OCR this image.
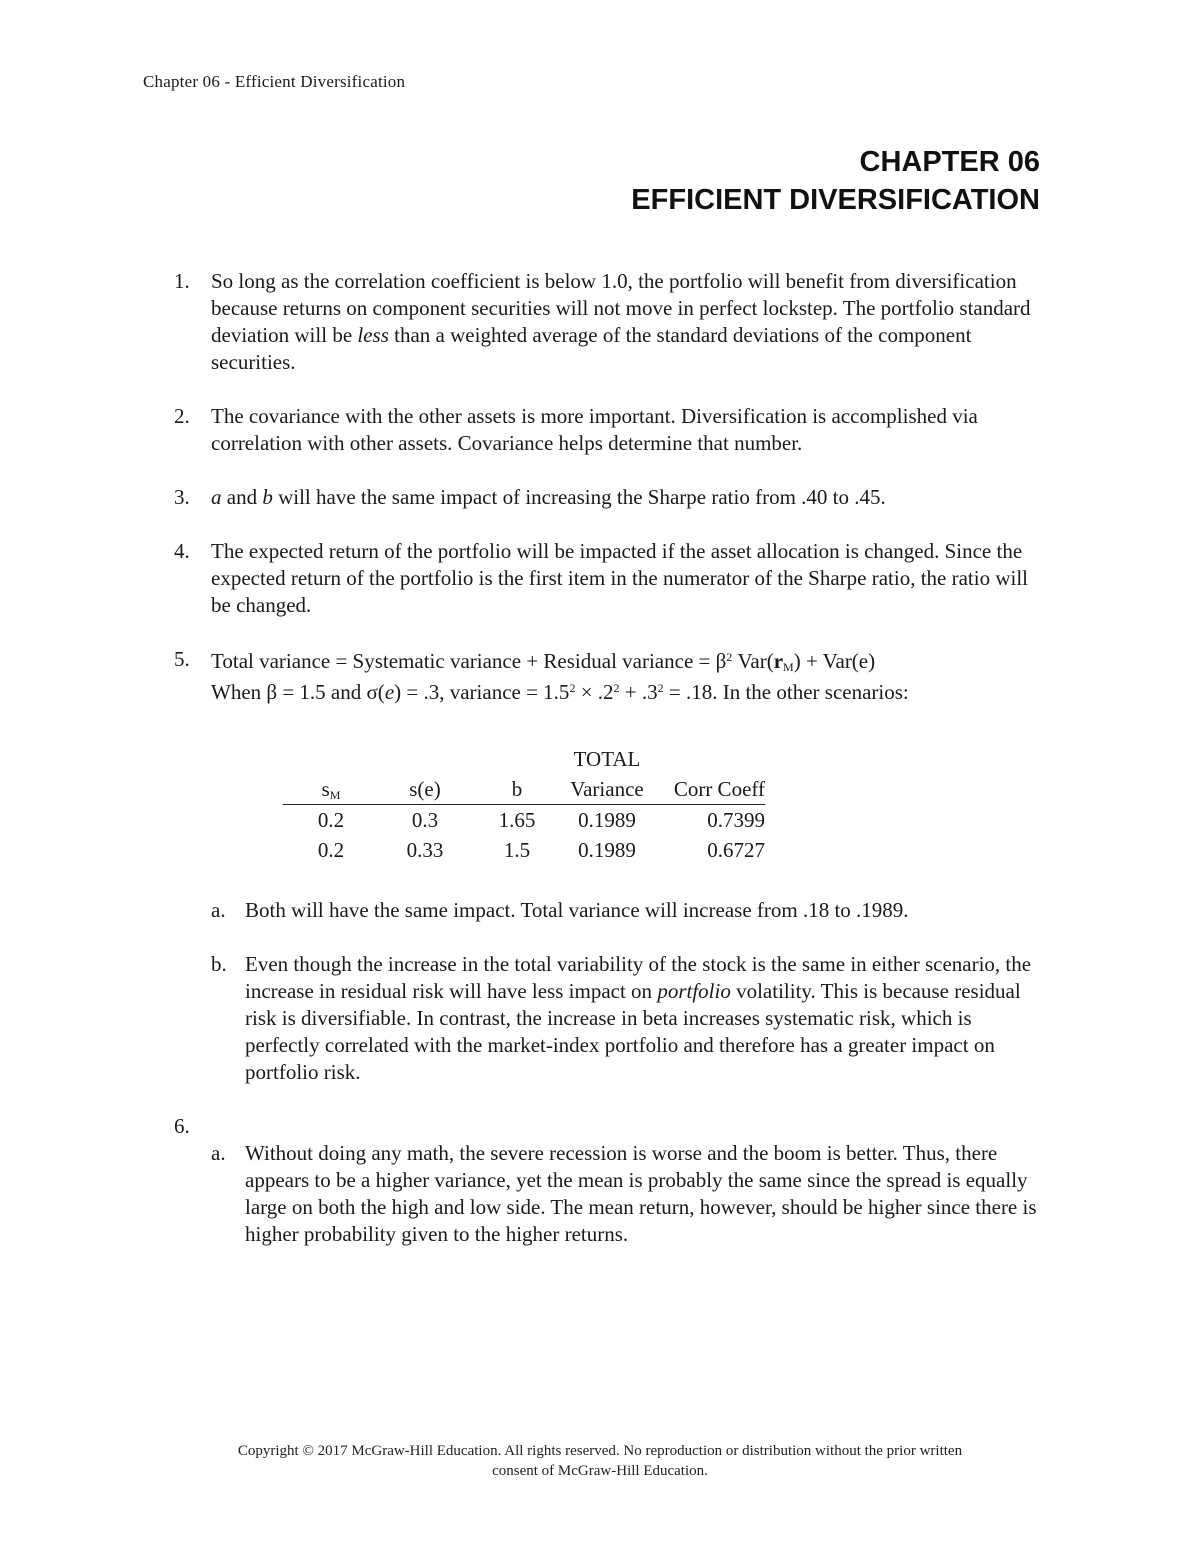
Chapter 06 - Efficient Diversification
CHAPTER 06
EFFICIENT DIVERSIFICATION
1. So long as the correlation coefficient is below 1.0, the portfolio will benefit from diversification because returns on component securities will not move in perfect lockstep. The portfolio standard deviation will be less than a weighted average of the standard deviations of the component securities.
2. The covariance with the other assets is more important. Diversification is accomplished via correlation with other assets. Covariance helps determine that number.
3. a and b will have the same impact of increasing the Sharpe ratio from .40 to .45.
4. The expected return of the portfolio will be impacted if the asset allocation is changed. Since the expected return of the portfolio is the first item in the numerator of the Sharpe ratio, the ratio will be changed.
5. Total variance = Systematic variance + Residual variance = $\beta^2$ $Var(r_M) + Var(e)$
When β = 1.5 and σ(e) = .3, variance = $1.5^2 \times .2^2 + .3^2 = .18$. In the other scenarios:
			TOTAL	
$s_M$	s(e)	b	Variance	Corr Coeff
0.2	0.3	1.65	0.1989	0.7399
0.2	0.33	1.5	0.1989	0.6727
a. Both will have the same impact. Total variance will increase from .18 to .1989.
b. Even though the increase in the total variability of the stock is the same in either scenario, the increase in residual risk will have less impact on portfolio volatility. This is because residual risk is diversifiable. In contrast, the increase in beta increases systematic risk, which is perfectly correlated with the market-index portfolio and therefore has a greater impact on portfolio risk.
6.
a. Without doing any math, the severe recession is worse and the boom is better. Thus, there appears to be a higher variance, yet the mean is probably the same since the spread is equally large on both the high and low side. The mean return, however, should be higher since there is higher probability given to the higher returns.
Copyright © 2017 McGraw-Hill Education. All rights reserved. No reproduction or distribution without the prior written
consent of McGraw-Hill Education.
